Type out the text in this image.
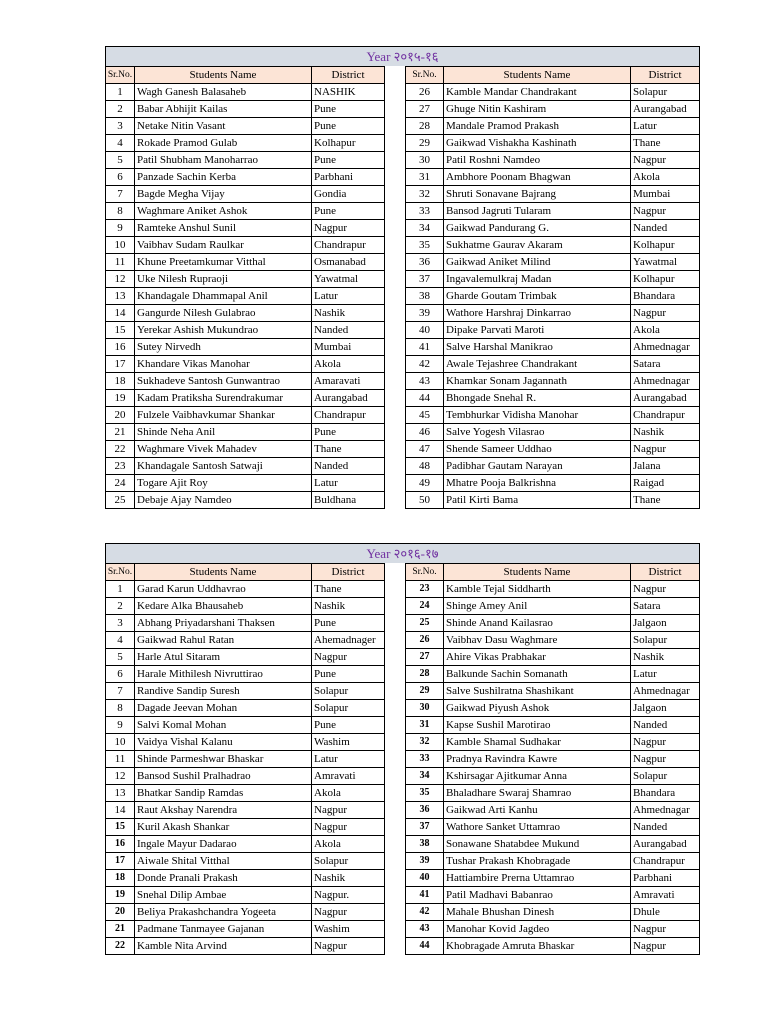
Year २०१५-१६
Sr.No.	Students Name	District
1	Wagh Ganesh Balasaheb	NASHIK
2	Babar Abhijit Kailas	Pune
3	Netake Nitin Vasant	Pune
4	Rokade Pramod Gulab	Kolhapur
5	Patil Shubham Manoharrao	Pune
6	Panzade Sachin Kerba	Parbhani
7	Bagde Megha Vijay	Gondia
8	Waghmare Aniket Ashok	Pune
9	Ramteke Anshul Sunil	Nagpur
10	Vaibhav Sudam Raulkar	Chandrapur
11	Khune Preetamkumar Vitthal	Osmanabad
12	Uke Nilesh Rupraoji	Yawatmal
13	Khandagale Dhammapal Anil	Latur
14	Gangurde Nilesh Gulabrao	Nashik
15	Yerekar Ashish Mukundrao	Nanded
16	Sutey Nirvedh	Mumbai
17	Khandare Vikas Manohar	Akola
18	Sukhadeve Santosh Gunwantrao	Amaravati
19	Kadam Pratiksha Surendrakumar	Aurangabad
20	Fulzele Vaibhavkumar Shankar	Chandrapur
21	Shinde Neha Anil	Pune
22	Waghmare Vivek Mahadev	Thane
23	Khandagale Santosh Satwaji	Nanded
24	Togare Ajit Roy	Latur
25	Debaje Ajay Namdeo	Buldhana
Sr.No.	Students Name	District
26	Kamble Mandar Chandrakant	Solapur
27	Ghuge Nitin Kashiram	Aurangabad
28	Mandale Pramod Prakash	Latur
29	Gaikwad Vishakha Kashinath	Thane
30	Patil Roshni Namdeo	Nagpur
31	Ambhore Poonam Bhagwan	Akola
32	Shruti Sonavane Bajrang	Mumbai
33	Bansod Jagruti Tularam	Nagpur
34	Gaikwad Pandurang G.	Nanded
35	Sukhatme Gaurav Akaram	Kolhapur
36	Gaikwad Aniket Milind	Yawatmal
37	Ingavalemulkraj Madan	Kolhapur
38	Gharde Goutam Trimbak	Bhandara
39	Wathore Harshraj Dinkarrao	Nagpur
40	Dipake Parvati Maroti	Akola
41	Salve Harshal Manikrao	Ahmednagar
42	Awale Tejashree Chandrakant	Satara
43	Khamkar Sonam Jagannath	Ahmednagar
44	Bhongade Snehal R.	Aurangabad
45	Tembhurkar Vidisha Manohar	Chandrapur
46	Salve Yogesh Vilasrao	Nashik
47	Shende Sameer Uddhao	Nagpur
48	Padibhar Gautam Narayan	Jalana
49	Mhatre Pooja Balkrishna	Raigad
50	Patil Kirti Bama	Thane
Year २०१६-१७
Sr.No.	Students Name	District
1	Garad Karun Uddhavrao	Thane
2	Kedare Alka Bhausaheb	Nashik
3	Abhang Priyadarshani Thaksen	Pune
4	Gaikwad Rahul Ratan	Ahemadnager
5	Harle Atul Sitaram	Nagpur
6	Harale Mithilesh Nivruttirao	Pune
7	Randive Sandip Suresh	Solapur
8	Dagade Jeevan Mohan	Solapur
9	Salvi Komal Mohan	Pune
10	Vaidya Vishal Kalanu	Washim
11	Shinde Parmeshwar Bhaskar	Latur
12	Bansod Sushil Pralhadrao	Amravati
13	Bhatkar Sandip Ramdas	Akola
14	Raut Akshay Narendra	Nagpur
15	Kuril Akash Shankar	Nagpur
16	Ingale Mayur Dadarao	Akola
17	Aiwale Shital Vitthal	Solapur
18	Donde Pranali Prakash	Nashik
19	Snehal Dilip Ambae	Nagpur.
20	Beliya Prakashchandra Yogeeta	Nagpur
21	Padmane Tanmayee Gajanan	Washim
22	Kamble Nita Arvind	Nagpur
Sr.No.	Students Name	District
23	Kamble Tejal Siddharth	Nagpur
24	Shinge Amey Anil	Satara
25	Shinde Anand Kailasrao	Jalgaon
26	Vaibhav Dasu Waghmare	Solapur
27	Ahire Vikas Prabhakar	Nashik
28	Balkunde Sachin Somanath	Latur
29	Salve Sushilratna Shashikant	Ahmednagar
30	Gaikwad Piyush Ashok	Jalgaon
31	Kapse Sushil Marotirao	Nanded
32	Kamble Shamal Sudhakar	Nagpur
33	Pradnya Ravindra Kawre	Nagpur
34	Kshirsagar Ajitkumar Anna	Solapur
35	Bhaladhare Swaraj Shamrao	Bhandara
36	Gaikwad Arti Kanhu	Ahmednagar
37	Wathore Sanket Uttamrao	Nanded
38	Sonawane Shatabdee Mukund	Aurangabad
39	Tushar Prakash Khobragade	Chandrapur
40	Hattiambire Prerna Uttamrao	Parbhani
41	Patil Madhavi Babanrao	Amravati
42	Mahale Bhushan Dinesh	Dhule
43	Manohar Kovid Jagdeo	Nagpur
44	Khobragade Amruta Bhaskar	Nagpur
